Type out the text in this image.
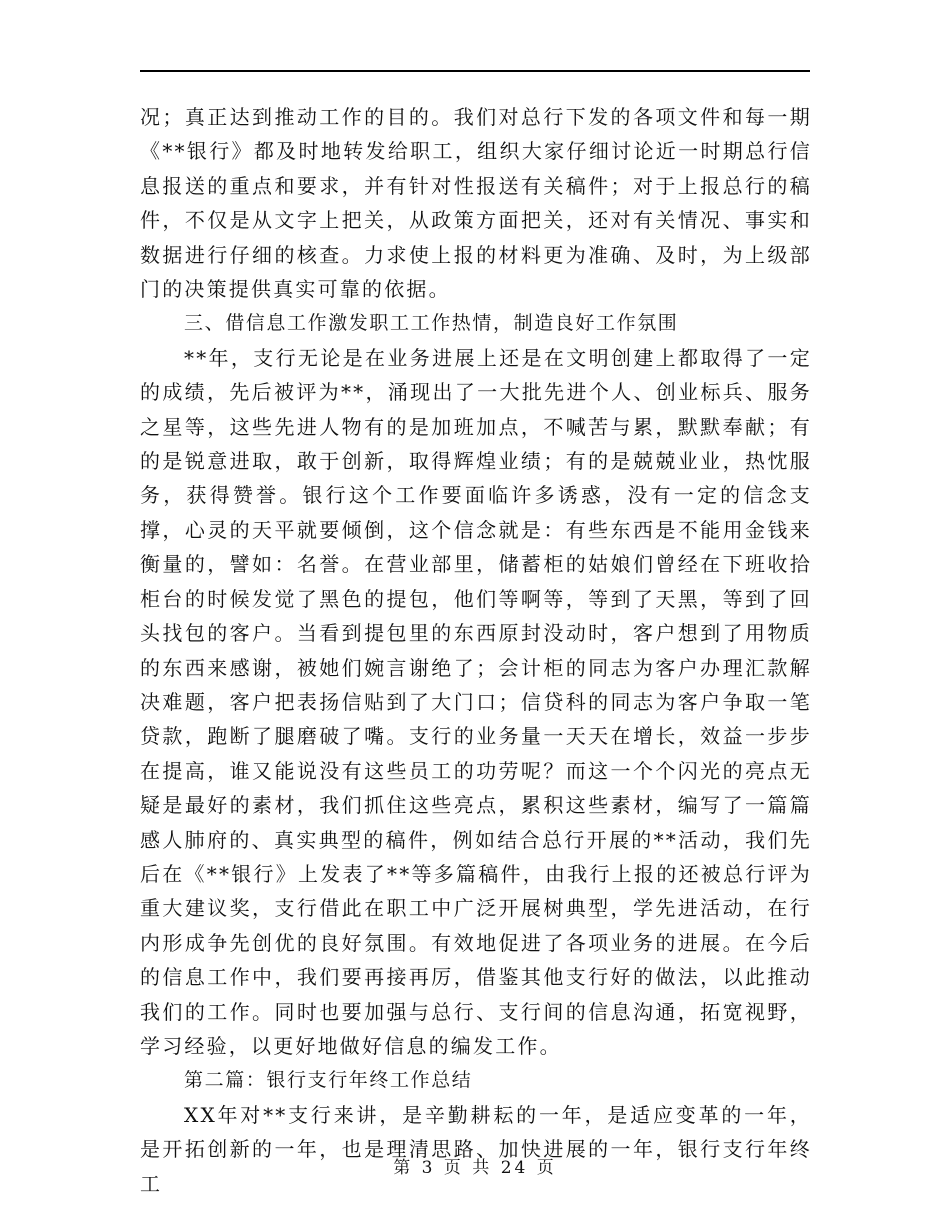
况；真正达到推动工作的目的。我们对总行下发的各项文件和每一期《**银行》都及时地转发给职工，组织大家仔细讨论近一时期总行信息报送的重点和要求，并有针对性报送有关稿件；对于上报总行的稿件，不仅是从文字上把关，从政策方面把关，还对有关情况、事实和数据进行仔细的核查。力求使上报的材料更为准确、及时，为上级部门的决策提供真实可靠的依据。

三、借信息工作激发职工工作热情，制造良好工作氛围

**年，支行无论是在业务进展上还是在文明创建上都取得了一定的成绩，先后被评为**，涌现出了一大批先进个人、创业标兵、服务之星等，这些先进人物有的是加班加点，不喊苦与累，默默奉献；有的是锐意进取，敢于创新，取得辉煌业绩；有的是兢兢业业，热忱服务，获得赞誉。银行这个工作要面临许多诱惑，没有一定的信念支撑，心灵的天平就要倾倒，这个信念就是：有些东西是不能用金钱来衡量的，譬如：名誉。在营业部里，储蓄柜的姑娘们曾经在下班收拾柜台的时候发觉了黑色的提包，他们等啊等，等到了天黑，等到了回头找包的客户。当看到提包里的东西原封没动时，客户想到了用物质的东西来感谢，被她们婉言谢绝了；会计柜的同志为客户办理汇款解决难题，客户把表扬信贴到了大门口；信贷科的同志为客户争取一笔贷款，跑断了腿磨破了嘴。支行的业务量一天天在增长，效益一步步在提高，谁又能说没有这些员工的功劳呢？而这一个个闪光的亮点无疑是最好的素材，我们抓住这些亮点，累积这些素材，编写了一篇篇感人肺府的、真实典型的稿件，例如结合总行开展的**活动，我们先后在《**银行》上发表了**等多篇稿件，由我行上报的还被总行评为重大建议奖，支行借此在职工中广泛开展树典型，学先进活动，在行内形成争先创优的良好氛围。有效地促进了各项业务的进展。在今后的信息工作中，我们要再接再厉，借鉴其他支行好的做法，以此推动我们的工作。同时也要加强与总行、支行间的信息沟通，拓宽视野，学习经验，以更好地做好信息的编发工作。

第二篇：银行支行年终工作总结

XX年对**支行来讲，是辛勤耕耘的一年，是适应变革的一年，是开拓创新的一年，也是理清思路、加快进展的一年，银行支行年终工

第 3 页 共 24 页
